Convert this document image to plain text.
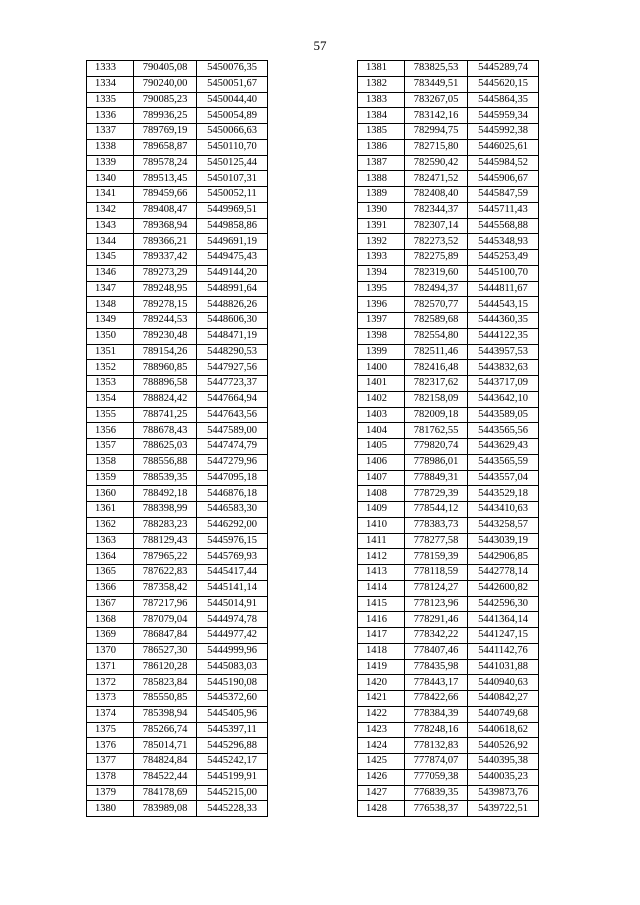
57
1333	790405,08	5450076,35
1334	790240,00	5450051,67
1335	790085,23	5450044,40
1336	789936,25	5450054,89
1337	789769,19	5450066,63
1338	789658,87	5450110,70
1339	789578,24	5450125,44
1340	789513,45	5450107,31
1341	789459,66	5450052,11
1342	789408,47	5449969,51
1343	789368,94	5449858,86
1344	789366,21	5449691,19
1345	789337,42	5449475,43
1346	789273,29	5449144,20
1347	789248,95	5448991,64
1348	789278,15	5448826,26
1349	789244,53	5448606,30
1350	789230,48	5448471,19
1351	789154,26	5448290,53
1352	788960,85	5447927,56
1353	788896,58	5447723,37
1354	788824,42	5447664,94
1355	788741,25	5447643,56
1356	788678,43	5447589,00
1357	788625,03	5447474,79
1358	788556,88	5447279,96
1359	788539,35	5447095,18
1360	788492,18	5446876,18
1361	788398,99	5446583,30
1362	788283,23	5446292,00
1363	788129,43	5445976,15
1364	787965,22	5445769,93
1365	787622,83	5445417,44
1366	787358,42	5445141,14
1367	787217,96	5445014,91
1368	787079,04	5444974,78
1369	786847,84	5444977,42
1370	786527,30	5444999,96
1371	786120,28	5445083,03
1372	785823,84	5445190,08
1373	785550,85	5445372,60
1374	785398,94	5445405,96
1375	785266,74	5445397,11
1376	785014,71	5445296,88
1377	784824,84	5445242,17
1378	784522,44	5445199,91
1379	784178,69	5445215,00
1380	783989,08	5445228,33
1381	783825,53	5445289,74
1382	783449,51	5445620,15
1383	783267,05	5445864,35
1384	783142,16	5445959,34
1385	782994,75	5445992,38
1386	782715,80	5446025,61
1387	782590,42	5445984,52
1388	782471,52	5445906,67
1389	782408,40	5445847,59
1390	782344,37	5445711,43
1391	782307,14	5445568,88
1392	782273,52	5445348,93
1393	782275,89	5445253,49
1394	782319,60	5445100,70
1395	782494,37	5444811,67
1396	782570,77	5444543,15
1397	782589,68	5444360,35
1398	782554,80	5444122,35
1399	782511,46	5443957,53
1400	782416,48	5443832,63
1401	782317,62	5443717,09
1402	782158,09	5443642,10
1403	782009,18	5443589,05
1404	781762,55	5443565,56
1405	779820,74	5443629,43
1406	778986,01	5443565,59
1407	778849,31	5443557,04
1408	778729,39	5443529,18
1409	778544,12	5443410,63
1410	778383,73	5443258,57
1411	778277,58	5443039,19
1412	778159,39	5442906,85
1413	778118,59	5442778,14
1414	778124,27	5442600,82
1415	778123,96	5442596,30
1416	778291,46	5441364,14
1417	778342,22	5441247,15
1418	778407,46	5441142,76
1419	778435,98	5441031,88
1420	778443,17	5440940,63
1421	778422,66	5440842,27
1422	778384,39	5440749,68
1423	778248,16	5440618,62
1424	778132,83	5440526,92
1425	777874,07	5440395,38
1426	777059,38	5440035,23
1427	776839,35	5439873,76
1428	776538,37	5439722,51
